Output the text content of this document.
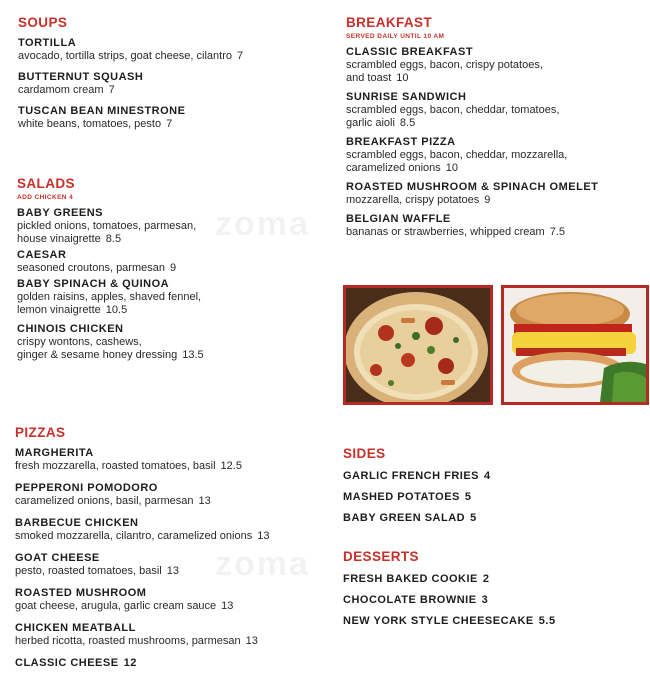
zoma
zoma
SOUPS
TORTILLA
avocado, tortilla strips, goat cheese, cilantro 7
BUTTERNUT SQUASH
cardamom cream 7
TUSCAN BEAN MINESTRONE
white beans, tomatoes, pesto 7
SALADS
ADD CHICKEN 4
BABY GREENS
pickled onions, tomatoes, parmesan,
house vinaigrette 8.5
CAESAR
seasoned croutons, parmesan 9
BABY SPINACH & QUINOA
golden raisins, apples, shaved fennel,
lemon vinaigrette 10.5
CHINOIS CHICKEN
crispy wontons, cashews,
ginger & sesame honey dressing 13.5
PIZZAS
MARGHERITA
fresh mozzarella, roasted tomatoes, basil 12.5
PEPPERONI POMODORO
caramelized onions, basil, parmesan 13
BARBECUE CHICKEN
smoked mozzarella, cilantro, caramelized onions 13
GOAT CHEESE
pesto, roasted tomatoes, basil 13
ROASTED MUSHROOM
goat cheese, arugula, garlic cream sauce 13
CHICKEN MEATBALL
herbed ricotta, roasted mushrooms, parmesan 13
CLASSIC CHEESE 12
BREAKFAST
SERVED DAILY UNTIL 10 AM
CLASSIC BREAKFAST
scrambled eggs, bacon, crispy potatoes,
and toast 10
SUNRISE SANDWICH
scrambled eggs, bacon, cheddar, tomatoes,
garlic aioli 8.5
BREAKFAST PIZZA
scrambled eggs, bacon, cheddar, mozzarella,
caramelized onions 10
ROASTED MUSHROOM & SPINACH OMELET
mozzarella, crispy potatoes 9
BELGIAN WAFFLE
bananas or strawberries, whipped cream 7.5
SIDES
GARLIC FRENCH FRIES 4
MASHED POTATOES 5
BABY GREEN SALAD 5
DESSERTS
FRESH BAKED COOKIE 2
CHOCOLATE BROWNIE 3
NEW YORK STYLE CHEESECAKE 5.5
